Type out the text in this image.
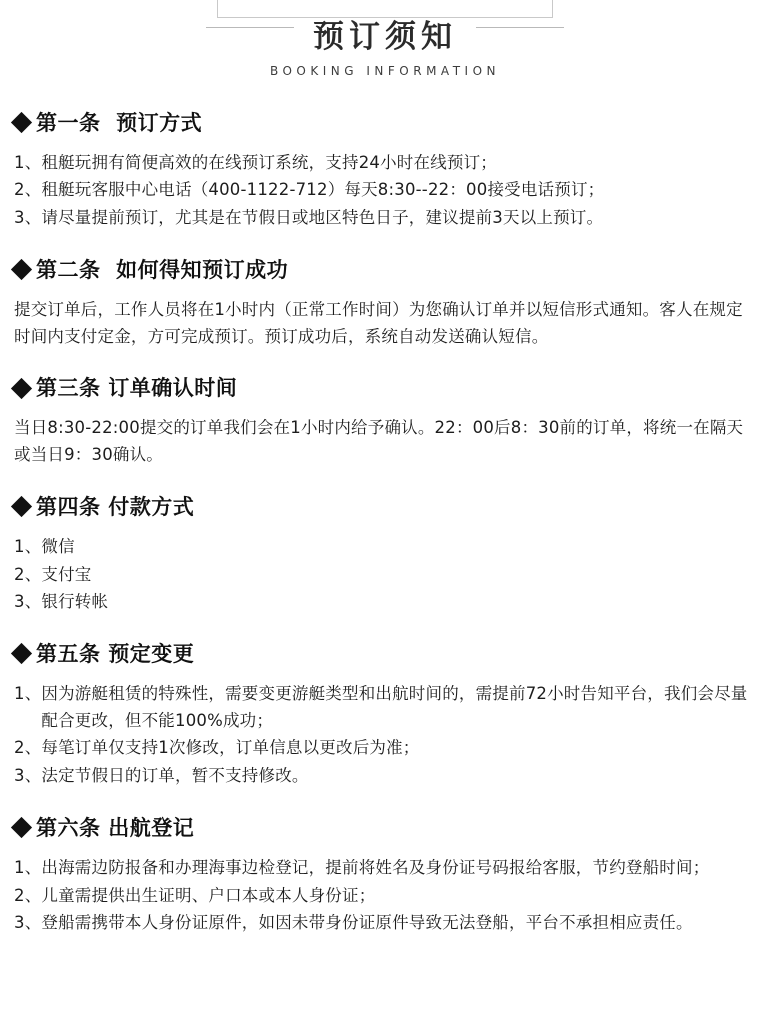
预订须知
BOOKING INFORMATION
第一条  预订方式
1、 租艇玩拥有简便高效的在线预订系统，支持24小时在线预订；
2、 租艇玩客服中心电话（400-1122-712）每天8:30--22：00接受电话预订；
3、 请尽量提前预订，尤其是在节假日或地区特色日子，建议提前3天以上预订。
第二条  如何得知预订成功

提交订单后，工作人员将在1小时内（正常工作时间）为您确认订单并以短信形式通知。客人在规定时间内支付定金，方可完成预订。预订成功后，系统自动发送确认短信。

第三条 订单确认时间

当日8:30-22:00提交的订单我们会在1小时内给予确认。22：00后8：30前的订单，将统一在隔天或当日9：30确认。

第四条 付款方式
1、 微信
2、 支付宝
3、 银行转帐
第五条 预定变更
1、 因为游艇租赁的特殊性，需要变更游艇类型和出航时间的，需提前72小时告知平台，我们会尽量配合更改，但不能100%成功；
2、 每笔订单仅支持1次修改，订单信息以更改后为准；
3、 法定节假日的订单，暂不支持修改。
第六条 出航登记
1、 出海需边防报备和办理海事边检登记，提前将姓名及身份证号码报给客服，节约登船时间；
2、 儿童需提供出生证明、户口本或本人身份证；
3、 登船需携带本人身份证原件，如因未带身份证原件导致无法登船，平台不承担相应责任。
